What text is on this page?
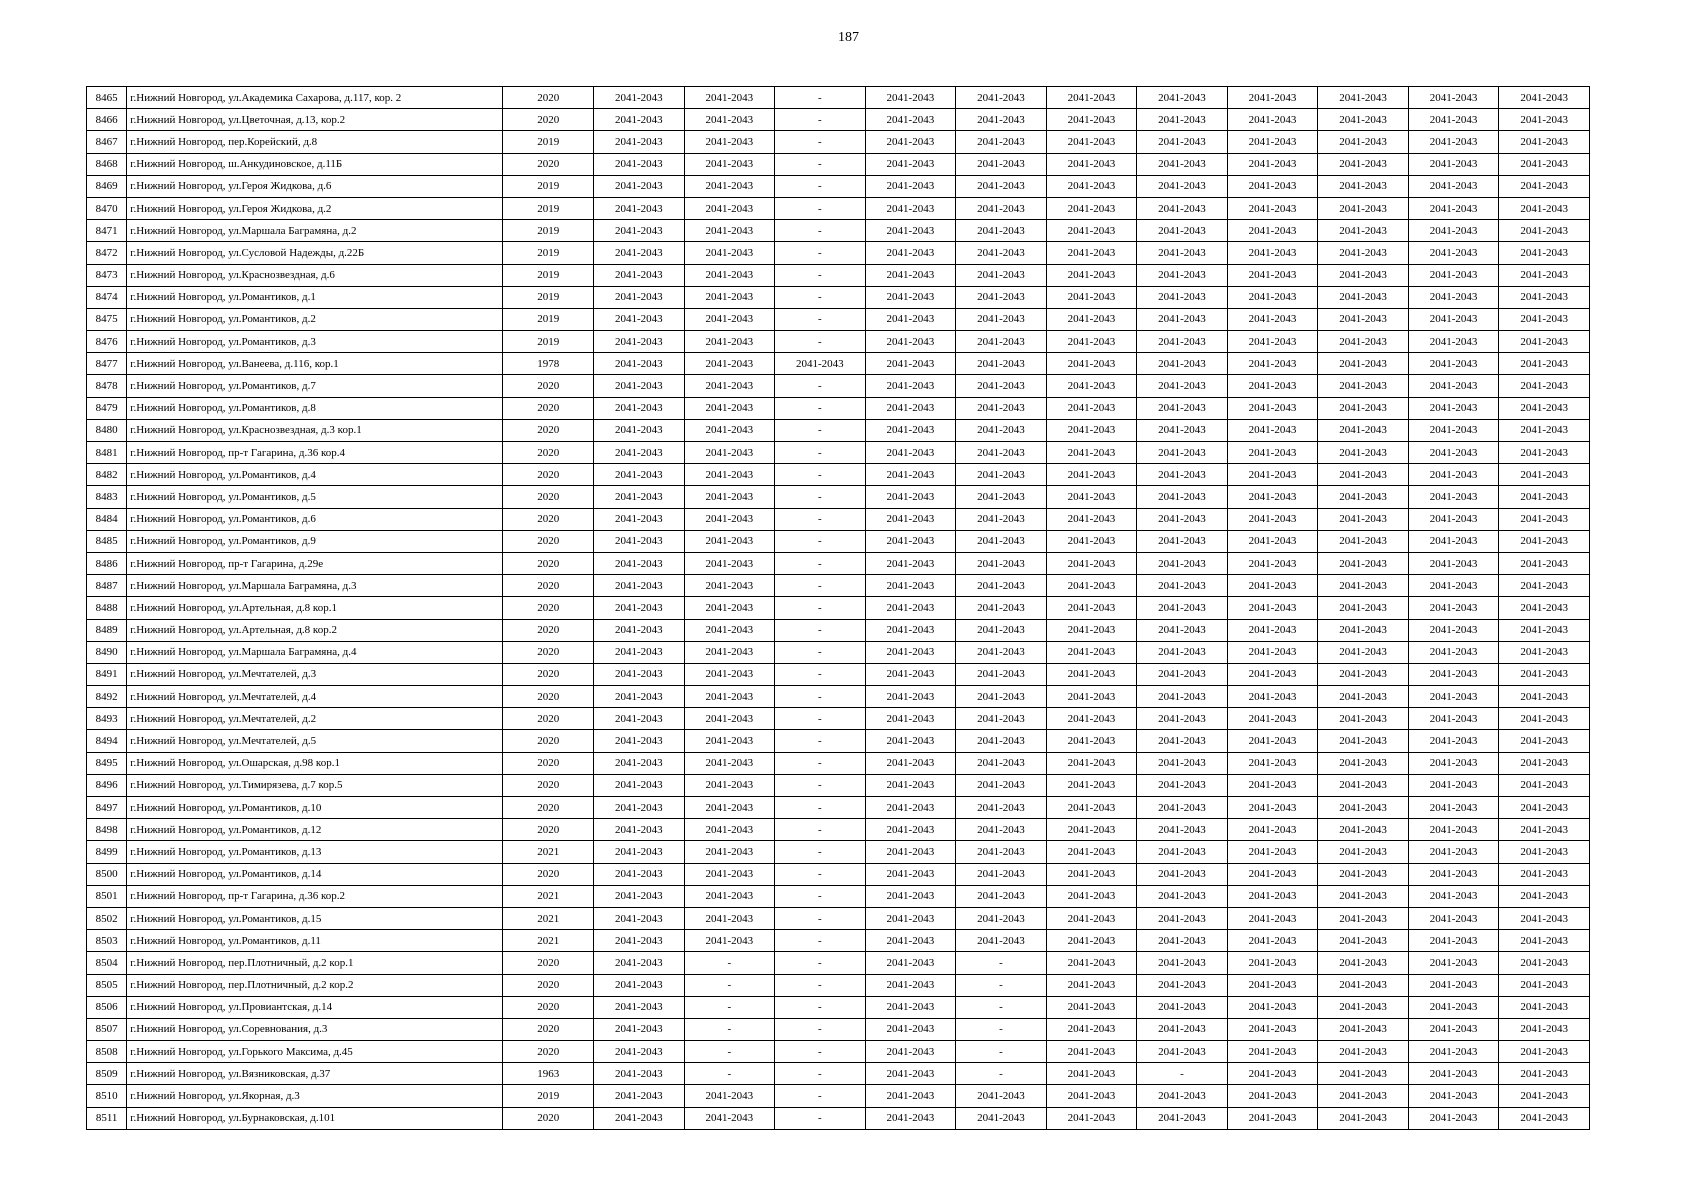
187
8465	г.Нижний Новгород, ул.Академика Сахарова, д.117, кор. 2	2020	2041-2043	2041-2043	-	2041-2043	2041-2043	2041-2043	2041-2043	2041-2043	2041-2043	2041-2043	2041-2043
8466	г.Нижний Новгород, ул.Цветочная, д.13, кор.2	2020	2041-2043	2041-2043	-	2041-2043	2041-2043	2041-2043	2041-2043	2041-2043	2041-2043	2041-2043	2041-2043
8467	г.Нижний Новгород, пер.Корейский, д.8	2019	2041-2043	2041-2043	-	2041-2043	2041-2043	2041-2043	2041-2043	2041-2043	2041-2043	2041-2043	2041-2043
8468	г.Нижний Новгород, ш.Анкудиновское, д.11Б	2020	2041-2043	2041-2043	-	2041-2043	2041-2043	2041-2043	2041-2043	2041-2043	2041-2043	2041-2043	2041-2043
8469	г.Нижний Новгород, ул.Героя Жидкова, д.6	2019	2041-2043	2041-2043	-	2041-2043	2041-2043	2041-2043	2041-2043	2041-2043	2041-2043	2041-2043	2041-2043
8470	г.Нижний Новгород, ул.Героя Жидкова, д.2	2019	2041-2043	2041-2043	-	2041-2043	2041-2043	2041-2043	2041-2043	2041-2043	2041-2043	2041-2043	2041-2043
8471	г.Нижний Новгород, ул.Маршала Баграмяна, д.2	2019	2041-2043	2041-2043	-	2041-2043	2041-2043	2041-2043	2041-2043	2041-2043	2041-2043	2041-2043	2041-2043
8472	г.Нижний Новгород, ул.Сусловой Надежды, д.22Б	2019	2041-2043	2041-2043	-	2041-2043	2041-2043	2041-2043	2041-2043	2041-2043	2041-2043	2041-2043	2041-2043
8473	г.Нижний Новгород, ул.Краснозвездная, д.6	2019	2041-2043	2041-2043	-	2041-2043	2041-2043	2041-2043	2041-2043	2041-2043	2041-2043	2041-2043	2041-2043
8474	г.Нижний Новгород, ул.Романтиков, д.1	2019	2041-2043	2041-2043	-	2041-2043	2041-2043	2041-2043	2041-2043	2041-2043	2041-2043	2041-2043	2041-2043
8475	г.Нижний Новгород, ул.Романтиков, д.2	2019	2041-2043	2041-2043	-	2041-2043	2041-2043	2041-2043	2041-2043	2041-2043	2041-2043	2041-2043	2041-2043
8476	г.Нижний Новгород, ул.Романтиков, д.3	2019	2041-2043	2041-2043	-	2041-2043	2041-2043	2041-2043	2041-2043	2041-2043	2041-2043	2041-2043	2041-2043
8477	г.Нижний Новгород, ул.Ванеева, д.116, кор.1	1978	2041-2043	2041-2043	2041-2043	2041-2043	2041-2043	2041-2043	2041-2043	2041-2043	2041-2043	2041-2043	2041-2043
8478	г.Нижний Новгород, ул.Романтиков, д.7	2020	2041-2043	2041-2043	-	2041-2043	2041-2043	2041-2043	2041-2043	2041-2043	2041-2043	2041-2043	2041-2043
8479	г.Нижний Новгород, ул.Романтиков, д.8	2020	2041-2043	2041-2043	-	2041-2043	2041-2043	2041-2043	2041-2043	2041-2043	2041-2043	2041-2043	2041-2043
8480	г.Нижний Новгород, ул.Краснозвездная, д.3 кор.1	2020	2041-2043	2041-2043	-	2041-2043	2041-2043	2041-2043	2041-2043	2041-2043	2041-2043	2041-2043	2041-2043
8481	г.Нижний Новгород, пр-т Гагарина, д.36 кор.4	2020	2041-2043	2041-2043	-	2041-2043	2041-2043	2041-2043	2041-2043	2041-2043	2041-2043	2041-2043	2041-2043
8482	г.Нижний Новгород, ул.Романтиков, д.4	2020	2041-2043	2041-2043	-	2041-2043	2041-2043	2041-2043	2041-2043	2041-2043	2041-2043	2041-2043	2041-2043
8483	г.Нижний Новгород, ул.Романтиков, д.5	2020	2041-2043	2041-2043	-	2041-2043	2041-2043	2041-2043	2041-2043	2041-2043	2041-2043	2041-2043	2041-2043
8484	г.Нижний Новгород, ул.Романтиков, д.6	2020	2041-2043	2041-2043	-	2041-2043	2041-2043	2041-2043	2041-2043	2041-2043	2041-2043	2041-2043	2041-2043
8485	г.Нижний Новгород, ул.Романтиков, д.9	2020	2041-2043	2041-2043	-	2041-2043	2041-2043	2041-2043	2041-2043	2041-2043	2041-2043	2041-2043	2041-2043
8486	г.Нижний Новгород, пр-т Гагарина, д.29е	2020	2041-2043	2041-2043	-	2041-2043	2041-2043	2041-2043	2041-2043	2041-2043	2041-2043	2041-2043	2041-2043
8487	г.Нижний Новгород, ул.Маршала Баграмяна, д.3	2020	2041-2043	2041-2043	-	2041-2043	2041-2043	2041-2043	2041-2043	2041-2043	2041-2043	2041-2043	2041-2043
8488	г.Нижний Новгород, ул.Артельная, д.8 кор.1	2020	2041-2043	2041-2043	-	2041-2043	2041-2043	2041-2043	2041-2043	2041-2043	2041-2043	2041-2043	2041-2043
8489	г.Нижний Новгород, ул.Артельная, д.8 кор.2	2020	2041-2043	2041-2043	-	2041-2043	2041-2043	2041-2043	2041-2043	2041-2043	2041-2043	2041-2043	2041-2043
8490	г.Нижний Новгород, ул.Маршала Баграмяна, д.4	2020	2041-2043	2041-2043	-	2041-2043	2041-2043	2041-2043	2041-2043	2041-2043	2041-2043	2041-2043	2041-2043
8491	г.Нижний Новгород, ул.Мечтателей, д.3	2020	2041-2043	2041-2043	-	2041-2043	2041-2043	2041-2043	2041-2043	2041-2043	2041-2043	2041-2043	2041-2043
8492	г.Нижний Новгород, ул.Мечтателей, д.4	2020	2041-2043	2041-2043	-	2041-2043	2041-2043	2041-2043	2041-2043	2041-2043	2041-2043	2041-2043	2041-2043
8493	г.Нижний Новгород, ул.Мечтателей, д.2	2020	2041-2043	2041-2043	-	2041-2043	2041-2043	2041-2043	2041-2043	2041-2043	2041-2043	2041-2043	2041-2043
8494	г.Нижний Новгород, ул.Мечтателей, д.5	2020	2041-2043	2041-2043	-	2041-2043	2041-2043	2041-2043	2041-2043	2041-2043	2041-2043	2041-2043	2041-2043
8495	г.Нижний Новгород, ул.Ошарская, д.98 кор.1	2020	2041-2043	2041-2043	-	2041-2043	2041-2043	2041-2043	2041-2043	2041-2043	2041-2043	2041-2043	2041-2043
8496	г.Нижний Новгород, ул.Тимирязева, д.7 кор.5	2020	2041-2043	2041-2043	-	2041-2043	2041-2043	2041-2043	2041-2043	2041-2043	2041-2043	2041-2043	2041-2043
8497	г.Нижний Новгород, ул.Романтиков, д.10	2020	2041-2043	2041-2043	-	2041-2043	2041-2043	2041-2043	2041-2043	2041-2043	2041-2043	2041-2043	2041-2043
8498	г.Нижний Новгород, ул.Романтиков, д.12	2020	2041-2043	2041-2043	-	2041-2043	2041-2043	2041-2043	2041-2043	2041-2043	2041-2043	2041-2043	2041-2043
8499	г.Нижний Новгород, ул.Романтиков, д.13	2021	2041-2043	2041-2043	-	2041-2043	2041-2043	2041-2043	2041-2043	2041-2043	2041-2043	2041-2043	2041-2043
8500	г.Нижний Новгород, ул.Романтиков, д.14	2020	2041-2043	2041-2043	-	2041-2043	2041-2043	2041-2043	2041-2043	2041-2043	2041-2043	2041-2043	2041-2043
8501	г.Нижний Новгород, пр-т Гагарина, д.36 кор.2	2021	2041-2043	2041-2043	-	2041-2043	2041-2043	2041-2043	2041-2043	2041-2043	2041-2043	2041-2043	2041-2043
8502	г.Нижний Новгород, ул.Романтиков, д.15	2021	2041-2043	2041-2043	-	2041-2043	2041-2043	2041-2043	2041-2043	2041-2043	2041-2043	2041-2043	2041-2043
8503	г.Нижний Новгород, ул.Романтиков, д.11	2021	2041-2043	2041-2043	-	2041-2043	2041-2043	2041-2043	2041-2043	2041-2043	2041-2043	2041-2043	2041-2043
8504	г.Нижний Новгород, пер.Плотничный, д.2 кор.1	2020	2041-2043	-	-	2041-2043	-	2041-2043	2041-2043	2041-2043	2041-2043	2041-2043	2041-2043
8505	г.Нижний Новгород, пер.Плотничный, д.2 кор.2	2020	2041-2043	-	-	2041-2043	-	2041-2043	2041-2043	2041-2043	2041-2043	2041-2043	2041-2043
8506	г.Нижний Новгород, ул.Провиантская, д.14	2020	2041-2043	-	-	2041-2043	-	2041-2043	2041-2043	2041-2043	2041-2043	2041-2043	2041-2043
8507	г.Нижний Новгород, ул.Соревнования, д.3	2020	2041-2043	-	-	2041-2043	-	2041-2043	2041-2043	2041-2043	2041-2043	2041-2043	2041-2043
8508	г.Нижний Новгород, ул.Горького Максима, д.45	2020	2041-2043	-	-	2041-2043	-	2041-2043	2041-2043	2041-2043	2041-2043	2041-2043	2041-2043
8509	г.Нижний Новгород, ул.Вязниковская, д.37	1963	2041-2043	-	-	2041-2043	-	2041-2043	-	2041-2043	2041-2043	2041-2043	2041-2043
8510	г.Нижний Новгород, ул.Якорная, д.3	2019	2041-2043	2041-2043	-	2041-2043	2041-2043	2041-2043	2041-2043	2041-2043	2041-2043	2041-2043	2041-2043
8511	г.Нижний Новгород, ул.Бурнаковская, д.101	2020	2041-2043	2041-2043	-	2041-2043	2041-2043	2041-2043	2041-2043	2041-2043	2041-2043	2041-2043	2041-2043
